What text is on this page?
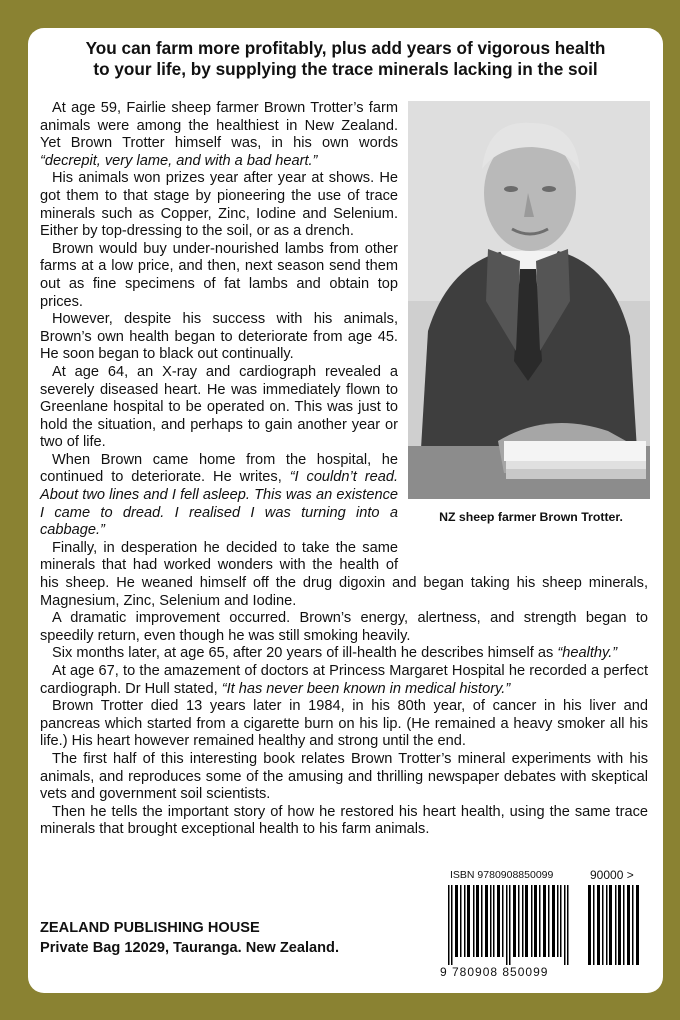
You can farm more profitably, plus add years of vigorous health
to your life, by supplying the trace minerals lacking in the soil
NZ sheep farmer Brown Trotter.

At age 59, Fairlie sheep farmer Brown Trotter’s farm animals were among the healthiest in New Zealand. Yet Brown Trotter himself was, in his own words “decrepit, very lame, and with a bad heart.”

His animals won prizes year after year at shows. He got them to that stage by pioneering the use of trace minerals such as Copper, Zinc, Iodine and Selenium. Either by top-dressing to the soil, or as a drench.

Brown would buy under-nourished lambs from other farms at a low price, and then, next season send them out as fine specimens of fat lambs and obtain top prices.

However, despite his success with his animals, Brown’s own health began to deteriorate from age 45. He soon began to black out continually.

At age 64, an X-ray and cardiograph revealed a severely diseased heart. He was immediately flown to Greenlane hospital to be operated on. This was just to hold the situation, and perhaps to gain another year or two of life.

When Brown came home from the hospital, he continued to deteriorate. He writes, “I couldn’t read. About two lines and I fell asleep. This was an existence I came to dread. I realised I was turning into a cabbage.”

Finally, in desperation he decided to take the same minerals that had worked wonders with the health of his sheep. He weaned himself off the drug digoxin and began taking his sheep minerals, Magnesium, Zinc, Selenium and Iodine.

A dramatic improvement occurred. Brown’s energy, alertness, and strength began to speedily return, even though he was still smoking heavily.

Six months later, at age 65, after 20 years of ill-health he describes himself as “healthy.”

At age 67, to the amazement of doctors at Princess Margaret Hospital he recorded a perfect cardiograph. Dr Hull stated, “It has never been known in medical history.”

Brown Trotter died 13 years later in 1984, in his 80th year, of cancer in his liver and pancreas which started from a cigarette burn on his lip. (He remained a heavy smoker all his life.) His heart however remained healthy and strong until the end.

The first half of this interesting book relates Brown Trotter’s mineral experiments with his animals, and reproduces some of the amusing and thrilling newspaper debates with skeptical vets and government soil scientists.

Then he tells the important story of how he restored his heart health, using the same trace minerals that brought exceptional health to his farm animals.

ZEALAND PUBLISHING HOUSE
Private Bag 12029, Tauranga. New Zealand.
ISBN 9780908850099	90000 >
9 780908 850099
